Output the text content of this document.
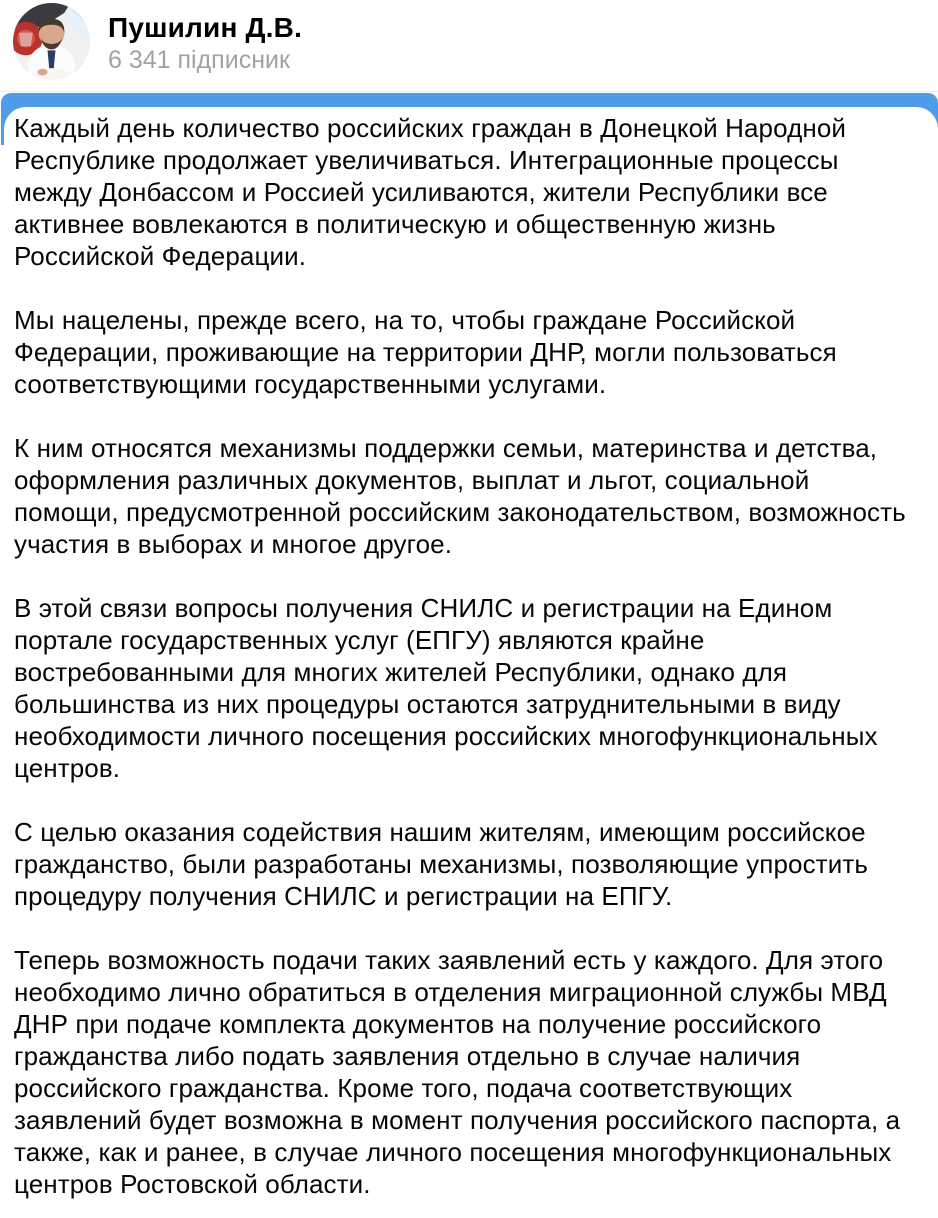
Пушилин Д.В.
6 341 підписник

Каждый день количество российских граждан в Донецкой Народной Республике продолжает увеличиваться. Интеграционные процессы между Донбассом и Россией усиливаются, жители Республики все активнее вовлекаются в политическую и общественную жизнь Российской Федерации.

Мы нацелены, прежде всего, на то, чтобы граждане Российской Федерации, проживающие на территории ДНР, могли пользоваться соответствующими государственными услугами.

К ним относятся механизмы поддержки семьи, материнства и детства, оформления различных документов, выплат и льгот, социальной помощи, предусмотренной российским законодательством, возможность участия в выборах и многое другое.

В этой связи вопросы получения СНИЛС и регистрации на Едином портале государственных услуг (ЕПГУ) являются крайне востребованными для многих жителей Республики, однако для большинства из них процедуры остаются затруднительными в виду необходимости личного посещения российских многофункциональных центров.

С целью оказания содействия нашим жителям, имеющим российское гражданство, были разработаны механизмы, позволяющие упростить процедуру получения СНИЛС и регистрации на ЕПГУ.

Теперь возможность подачи таких заявлений есть у каждого. Для этого необходимо лично обратиться в отделения миграционной службы МВД ДНР при подаче комплекта документов на получение российского гражданства либо подать заявления отдельно в случае наличия российского гражданства. Кроме того, подача соответствующих заявлений будет возможна в момент получения российского паспорта, а также, как и ранее, в случае личного посещения многофункциональных центров Ростовской области.
